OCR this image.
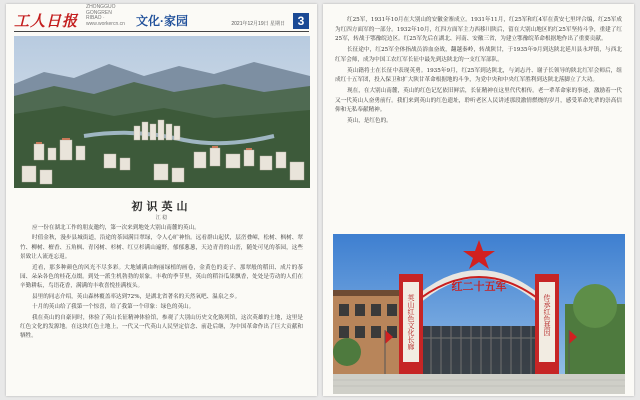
工人日报
ZHONGGUO GONGREN RIBAO · www.workercn.cn 文化·家园	2021年12月19日 星期日	3
初识英山
江 稳

应一份在湖北工作的朋友邀约，第一次来到地处大别山南麓的英山。

时值金秋，漫步县城街道，沿途的茶园满目翠绿，令人心旷神怡。远看群山起伏，层峦叠嶂，松树、枫树、翠竹、柳树、檀香、五角枫、青冈树、杉树、红豆杉满山遍野，郁郁葱葱，天边青青的山峦，随处可见的茶园，这些景致让人流连忘返。

近看，那多种颜色的风光不尽多彩。大地铺满由绚丽绿植的画卷，金黄色的麦子、那翠般的稻田、成片的茶园、朵朵各色的桂花点缀。到处一派生机勃勃的景象。丰收的季节里，英山的稻谷瓜果飘香，处处是劳动的人们在辛勤耕耘，鸟语花香，满满的丰收喜悦挂满枝头。

县里的同志介绍，英山森林覆盖率达到72%，是湖北省著名的天然氧吧、温泉之乡。

十月的英山给了我第一个惊喜，给了我第一个印象：绿色的英山。

我在英山的自豪同时，体验了英山长征精神体验馆，参观了大别山历史文化陈列馆，这次英雄的土地，这里是红色文化的发源地。在这块红色土地上，一代又一代英山人民坚定信念、前赴后继，为中国革命作出了巨大贡献和牺牲。

红25军，1931年10月在大别山的安徽金寨成立。1931年11月，红25军和红4军在黄安七里坪合编，红25军成为红四方面军的一部分。1932年10月，红四方面军主力西移川陕后，留在大别山地区的红25军坚持斗争，重建了红25军，转战于鄂豫皖边区。红25军先后在湖北、河南、安徽三省，为建立鄂豫皖革命根据地作出了重要贡献。

长征途中，红25军全体指战员浴血奋战，翻越秦岭，转战陕甘，于1935年9月到达陕北延川县永坪镇，与西北红军会师，成为中国工农红军长征中最先到达陕北的一支红军部队。

英山籍将士在长征中表现英勇。1935年9月，红25军到达陕北，与刘志丹、谢子长领导的陕北红军会师后，组成红十五军团，投入保卫和扩大陕甘革命根据地的斗争，为党中央和中央红军胜利到达陕北落脚立了大功。

现在，在大别山南麓，英山的红色记忆依旧鲜活，长征精神在这里代代相传。老一辈革命家的事迹，激励着一代又一代英山人奋勇前行。我们来到英山的红色遗址，聆听老区人民讲述那段激情燃烧的岁月，感受革命先辈的崇高信仰和无私奉献精神。

英山，是红色的。

红二十五军
英山红色文化长廊	传承红色基因
